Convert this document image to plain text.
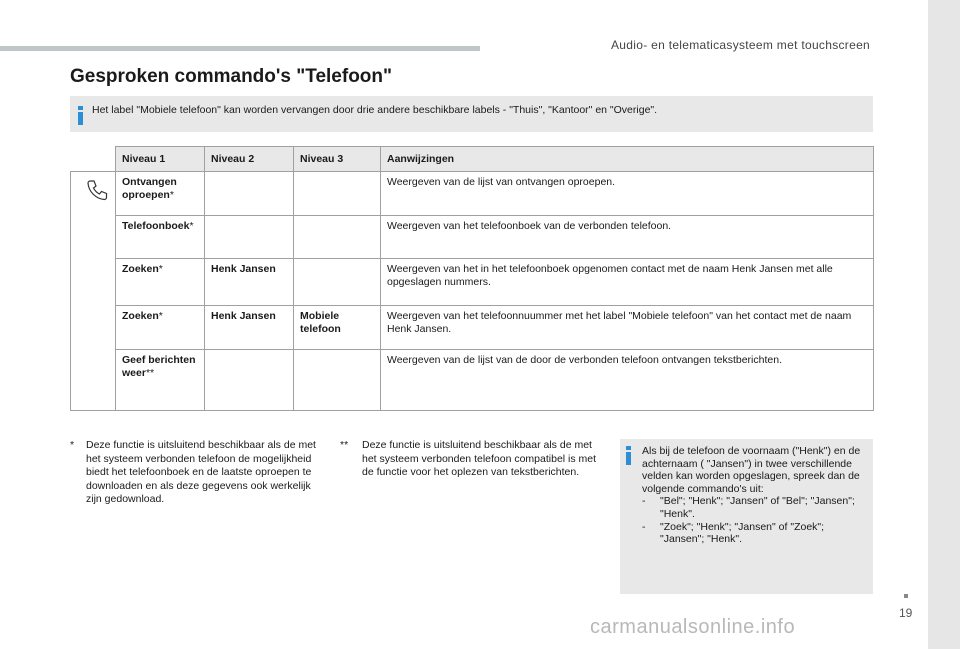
Audio- en telematicasysteem met touchscreen
Gesproken commando's "Telefoon"
Het label "Mobiele telefoon" kan worden vervangen door drie andere beschikbare labels - "Thuis", "Kantoor" en "Overige".
	Niveau 1	Niveau 2	Niveau 3	Aanwijzingen

	Ontvangen oproepen*			Weergeven van de lijst van ontvangen oproepen.
	Telefoonboek*			Weergeven van het telefoonboek van de verbonden telefoon.
	Zoeken*	Henk Jansen		Weergeven van het in het telefoonboek opgenomen contact met de naam Henk Jansen met alle opgeslagen nummers.
	Zoeken*	Henk Jansen	Mobiele telefoon	Weergeven van het telefoonnuummer met het label "Mobiele telefoon" van het contact met de naam Henk Jansen.
	Geef berichten weer**			Weergeven van de lijst van de door de verbonden telefoon ontvangen tekstberichten.
* Deze functie is uitsluitend beschikbaar als de met het systeem verbonden telefoon de mogelijkheid biedt het telefoonboek en de laatste oproepen te downloaden en als deze gegevens ook werkelijk zijn gedownload.
** Deze functie is uitsluitend beschikbaar als de met het systeem verbonden telefoon compatibel is met de functie voor het oplezen van tekstberichten.
Als bij de telefoon de voornaam ("Henk") en de achternaam ( "Jansen") in twee verschillende velden kan worden opgeslagen, spreek dan de volgende commando's uit:
- "Bel"; "Henk"; "Jansen" of "Bel"; "Jansen"; "Henk".
- "Zoek"; "Henk"; "Jansen" of "Zoek"; "Jansen"; "Henk".
19
carmanualsonline.info
